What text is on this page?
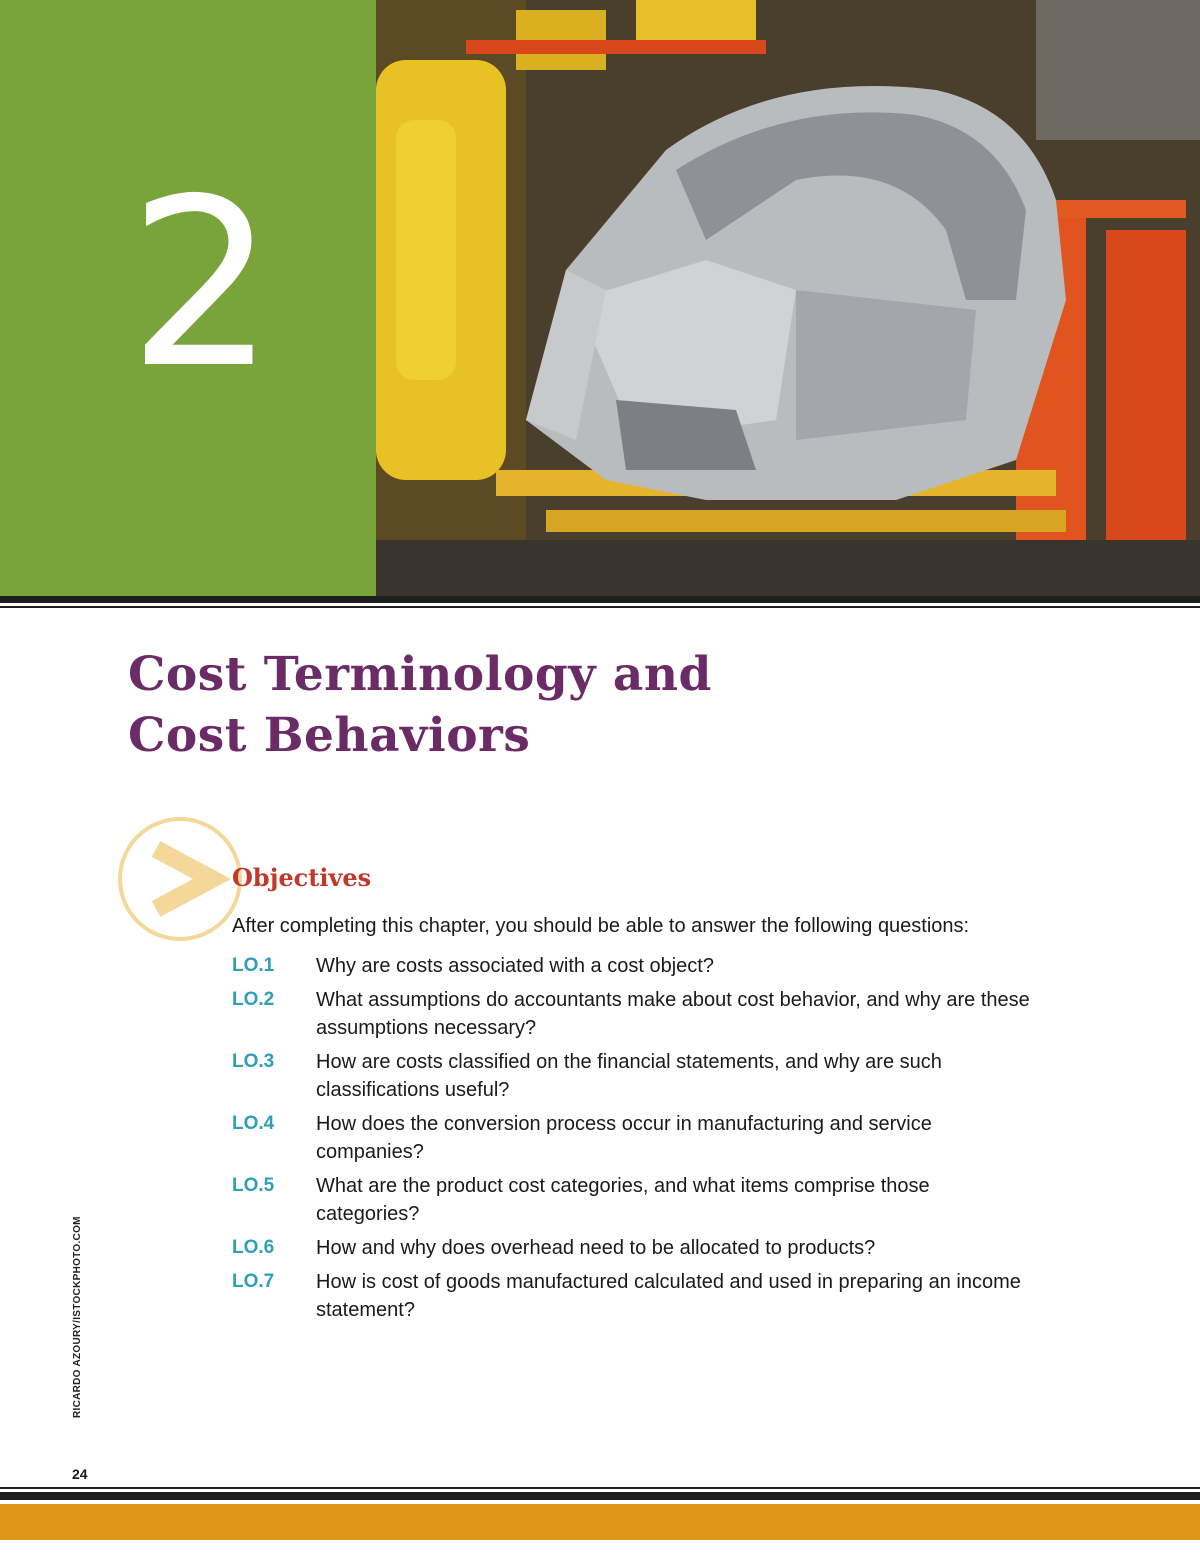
2
Cost Terminology and
Cost Behaviors
Objectives
After completing this chapter, you should be able to answer the following questions:
LO.1	Why are costs associated with a cost object?
LO.2	What assumptions do accountants make about cost behavior, and why are these assumptions necessary?
LO.3	How are costs classified on the financial statements, and why are such classifications useful?
LO.4	How does the conversion process occur in manufacturing and service companies?
LO.5	What are the product cost categories, and what items comprise those categories?
LO.6	How and why does overhead need to be allocated to products?
LO.7	How is cost of goods manufactured calculated and used in preparing an income statement?
RICARDO AZOURY/ISTOCKPHOTO.COM
24
